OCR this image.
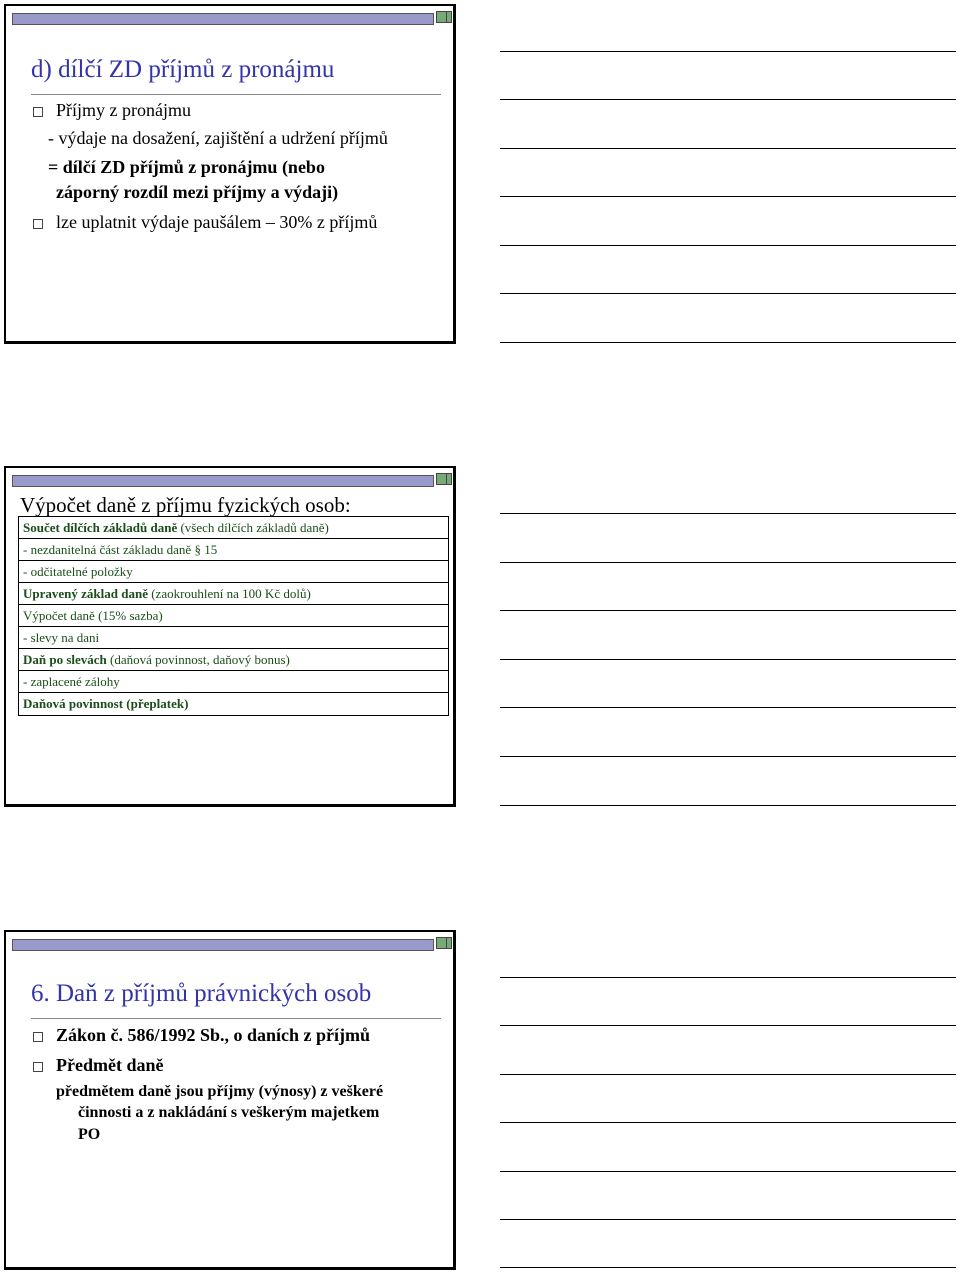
d) dílčí ZD příjmů z pronájmu
Příjmy z pronájmu
- výdaje na dosažení, zajištění a udržení příjmů
= dílčí ZD příjmů z pronájmu (nebo
záporný rozdíl mezi příjmy a výdaji)
lze uplatnit výdaje paušálem – 30% z příjmů
Výpočet daně z příjmu fyzických osob:
Součet dílčích základů daně (všech dílčích základů daně)
- nezdanitelná část základu daně § 15
- odčitatelné položky
Upravený základ daně (zaokrouhlení na 100 Kč dolů)
Výpočet daně (15% sazba)
- slevy na dani
Daň po slevách (daňová povinnost, daňový bonus)
- zaplacené zálohy
Daňová povinnost (přeplatek)
6. Daň z příjmů právnických osob
Zákon č. 586/1992 Sb., o daních z příjmů
Předmět daně
předmětem daně jsou příjmy (výnosy) z veškeré
činnosti a z nakládání s veškerým majetkem
PO
